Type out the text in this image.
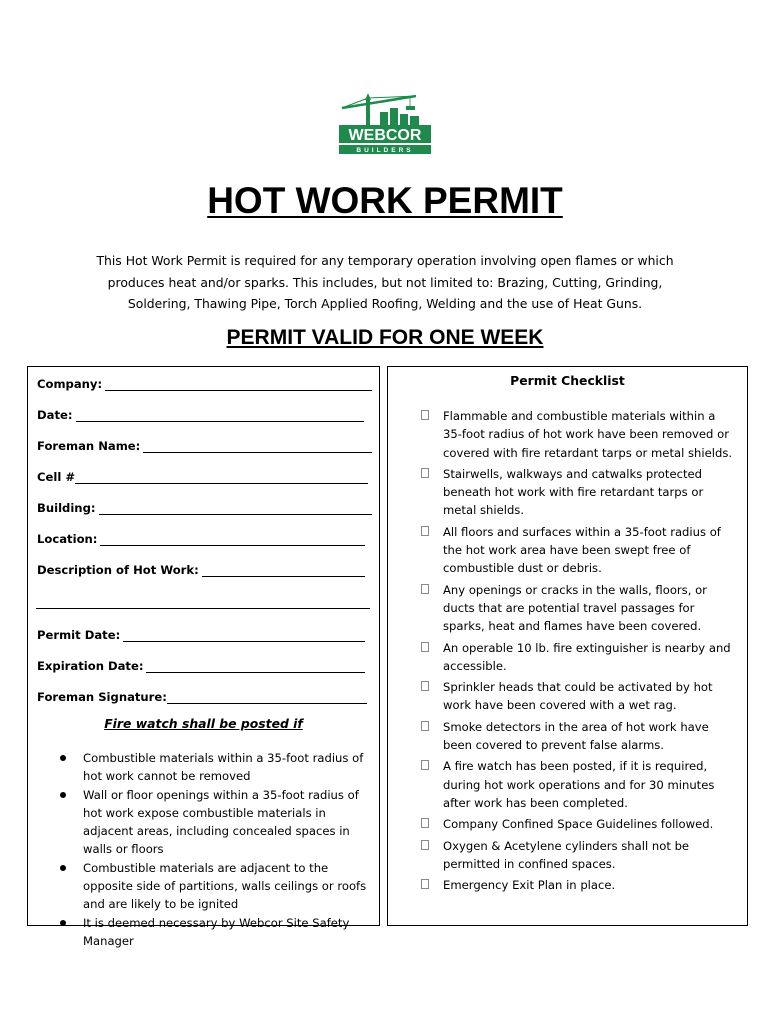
WEBCOR
BUILDERS
HOT WORK PERMIT
This Hot Work Permit is required for any temporary operation involving open flames or which produces heat and/or sparks. This includes, but not limited to: Brazing, Cutting, Grinding, Soldering, Thawing Pipe, Torch Applied Roofing, Welding and the use of Heat Guns.
PERMIT VALID FOR ONE WEEK
Company:
Date:
Foreman Name:
Cell #
Building:
Location:
Description of Hot Work:
Permit Date:
Expiration Date:
Foreman Signature:
Fire watch shall be posted if
Combustible materials within a 35-foot radius of hot work cannot be removed
Wall or floor openings within a 35-foot radius of hot work expose combustible materials in adjacent areas, including concealed spaces in walls or floors
Combustible materials are adjacent to the opposite side of partitions, walls ceilings or roofs and are likely to be ignited
It is deemed necessary by Webcor Site Safety Manager
Permit Checklist
Flammable and combustible materials within a 35-foot radius of hot work have been removed or covered with fire retardant tarps or metal shields.
Stairwells, walkways and catwalks protected beneath hot work with fire retardant tarps or metal shields.
All floors and surfaces within a 35-foot radius of the hot work area have been swept free of combustible dust or debris.
Any openings or cracks in the walls, floors, or ducts that are potential travel passages for sparks, heat and flames have been covered.
An operable 10 lb. fire extinguisher is nearby and accessible.
Sprinkler heads that could be activated by hot work have been covered with a wet rag.
Smoke detectors in the area of hot work have been covered to prevent false alarms.
A fire watch has been posted, if it is required, during hot work operations and for 30 minutes after work has been completed.
Company Confined Space Guidelines followed.
Oxygen & Acetylene cylinders shall not be permitted in confined spaces.
Emergency Exit Plan in place.
